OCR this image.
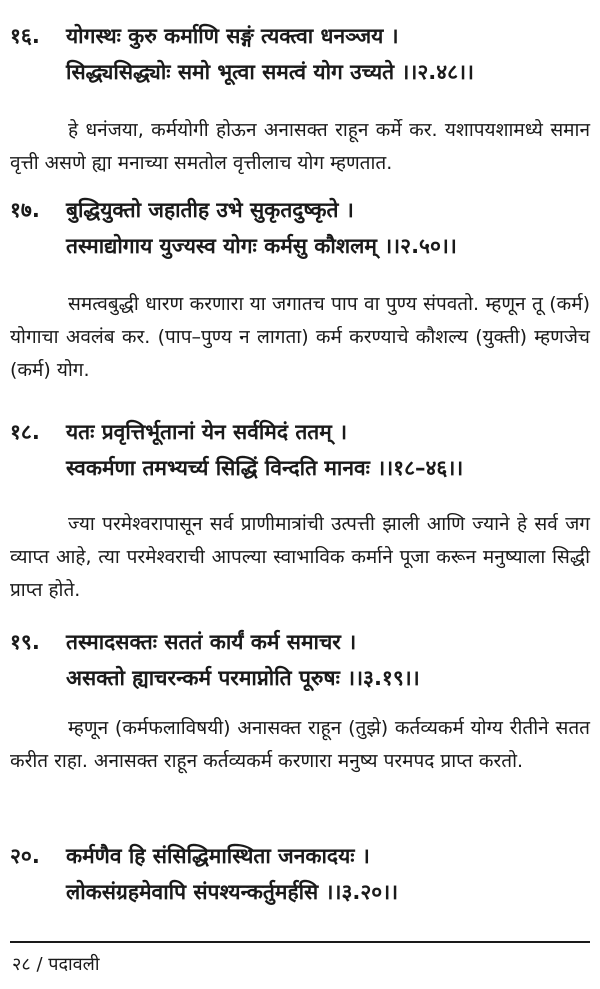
१६. योगस्थः कुरु कर्माणि सङ्गं त्यक्त्वा धनञ्जय ।
सिद्ध्यसिद्ध्योः समो भूत्वा समत्वं योग उच्यते ।।२.४८।।

हे धनंजया, कर्मयोगी होऊन अनासक्त राहून कर्मे कर. यशापयशामध्ये समान वृत्ती असणे ह्या मनाच्या समतोल वृत्तीलाच योग म्हणतात.

१७. बुद्धियुक्तो जहातीह उभे सुकृतदुष्कृते ।
तस्माद्योगाय युज्यस्व योगः कर्मसु कौशलम् ।।२.५०।।

समत्वबुद्धी धारण करणारा या जगातच पाप वा पुण्य संपवतो. म्हणून तू (कर्म) योगाचा अवलंब कर. (पाप–पुण्य न लागता) कर्म करण्याचे कौशल्य (युक्ती) म्हणजेच (कर्म) योग.

१८. यतः प्रवृत्तिर्भूतानां येन सर्वमिदं ततम् ।
स्वकर्मणा तमभ्यर्च्य सिद्धिं विन्दति मानवः ।।१८–४६।।

ज्या परमेश्वरापासून सर्व प्राणीमात्रांची उत्पत्ती झाली आणि ज्याने हे सर्व जग व्याप्त आहे, त्या परमेश्वराची आपल्या स्वाभाविक कर्माने पूजा करून मनुष्याला सिद्धी प्राप्त होते.

१९. तस्मादसक्तः सततं कार्यं कर्म समाचर ।
असक्तो ह्याचरन्कर्म परमाप्नोति पूरुषः ।।३.१९।।

म्हणून (कर्मफलाविषयी) अनासक्त राहून (तुझे) कर्तव्यकर्म योग्य रीतीने सतत करीत राहा. अनासक्त राहून कर्तव्यकर्म करणारा मनुष्य परमपद प्राप्त करतो.

२०. कर्मणैव हि संसिद्धिमास्थिता जनकादयः ।
लोकसंग्रहमेवापि संपश्यन्कर्तुमर्हसि ।।३.२०।।
२८ / पदावली
